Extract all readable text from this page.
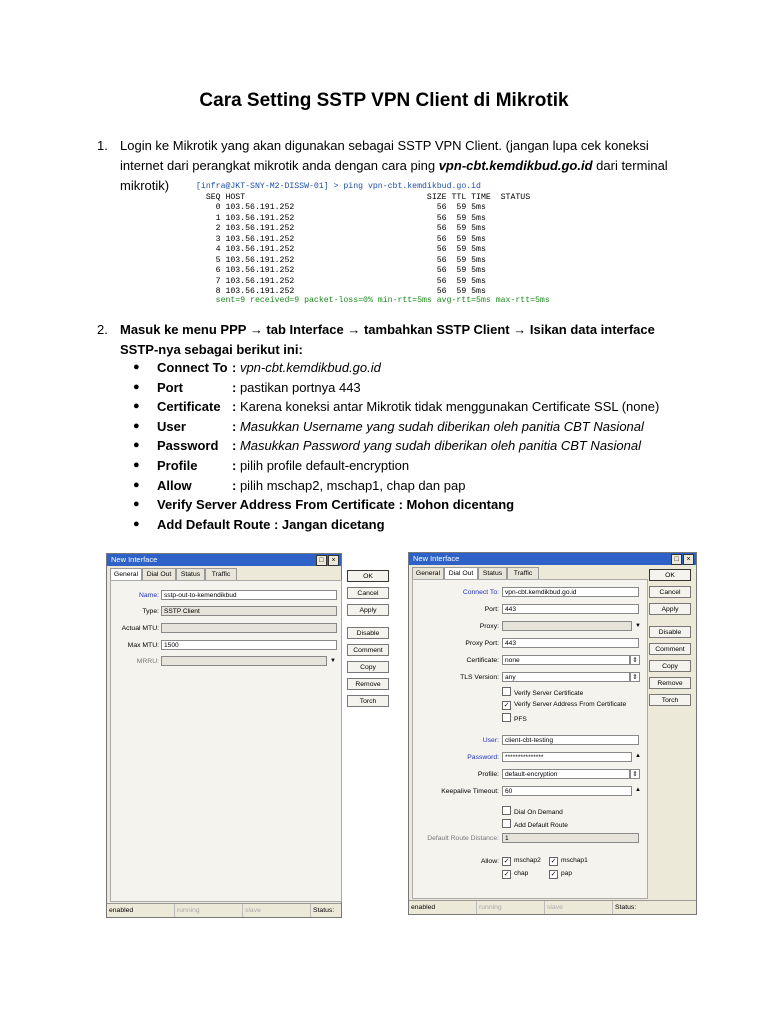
Cara Setting SSTP VPN Client di Mikrotik
1. Login ke Mikrotik yang akan digunakan sebagai SSTP VPN Client. (jangan lupa cek koneksi internet dari perangkat mikrotik anda dengan cara ping vpn-cbt.kemdikbud.go.id dari terminal mikrotik)	[infra@JKT-SNY-M2-DISSW-01] > ping vpn-cbt.kemdikbud.go.id
SEQ HOST                                     SIZE TTL TIME  STATUS
0 103.56.191.252                             56  59 5ms
1 103.56.191.252                             56  59 5ms
2 103.56.191.252                             56  59 5ms
3 103.56.191.252                             56  59 5ms
4 103.56.191.252                             56  59 5ms
5 103.56.191.252                             56  59 5ms
6 103.56.191.252                             56  59 5ms
7 103.56.191.252                             56  59 5ms
8 103.56.191.252                             56  59 5ms
sent=9 received=9 packet-loss=0% min-rtt=5ms avg-rtt=5ms max-rtt=5ms
2. Masuk ke menu PPP → tab Interface → tambahkan SSTP Client → Isikan data interface SSTP-nya sebagai berikut ini:
● Connect To : vpn-cbt.kemdikbud.go.id
● Port	: pastikan portnya 443
● Certificate : Karena koneksi antar Mikrotik tidak menggunakan Certificate SSL (none)
● User	: Masukkan Username yang sudah diberikan oleh panitia CBT Nasional
● Password : Masukkan Password yang sudah diberikan oleh panitia CBT Nasional
● Profile	: pilih profile default-encryption
● Allow	: pilih mschap2, mschap1, chap dan pap
● Verify Server Address From Certificate : Mohon dicentang
● Add Default Route : Jangan dicetang
New Interface	□	×
General	Dial Out	Status	Traffic
Name: sstp-out-to-kemendikbud
Type: SSTP Client
Actual MTU:
Max MTU: 1500
MRRU:	▼
OK
Cancel
Apply
Disable
Comment
Copy
Remove
Torch
enabled	running	slave	Status:
New Interface	□	×
General	Dial Out	Status	Traffic
Connect To: vpn-cbt.kemdikbud.go.id
Port: 443
Proxy:	▼
Proxy Port: 443
Certificate: none	⇕
TLS Version: any	⇕
Verify Server Certificate
✓ Verify Server Address From Certificate
PFS
User: client-cbt-testing
Password: ***************	▲
Profile: default-encryption	⇕
Keepalive Timeout: 60	▲
Dial On Demand
Add Default Route
Default Route Distance: 1
Allow: ✓ mschap2 ✓ mschap1
✓ chap	✓ pap
OK
Cancel
Apply
Disable
Comment
Copy
Remove
Torch
enabled	running	slave	Status:
